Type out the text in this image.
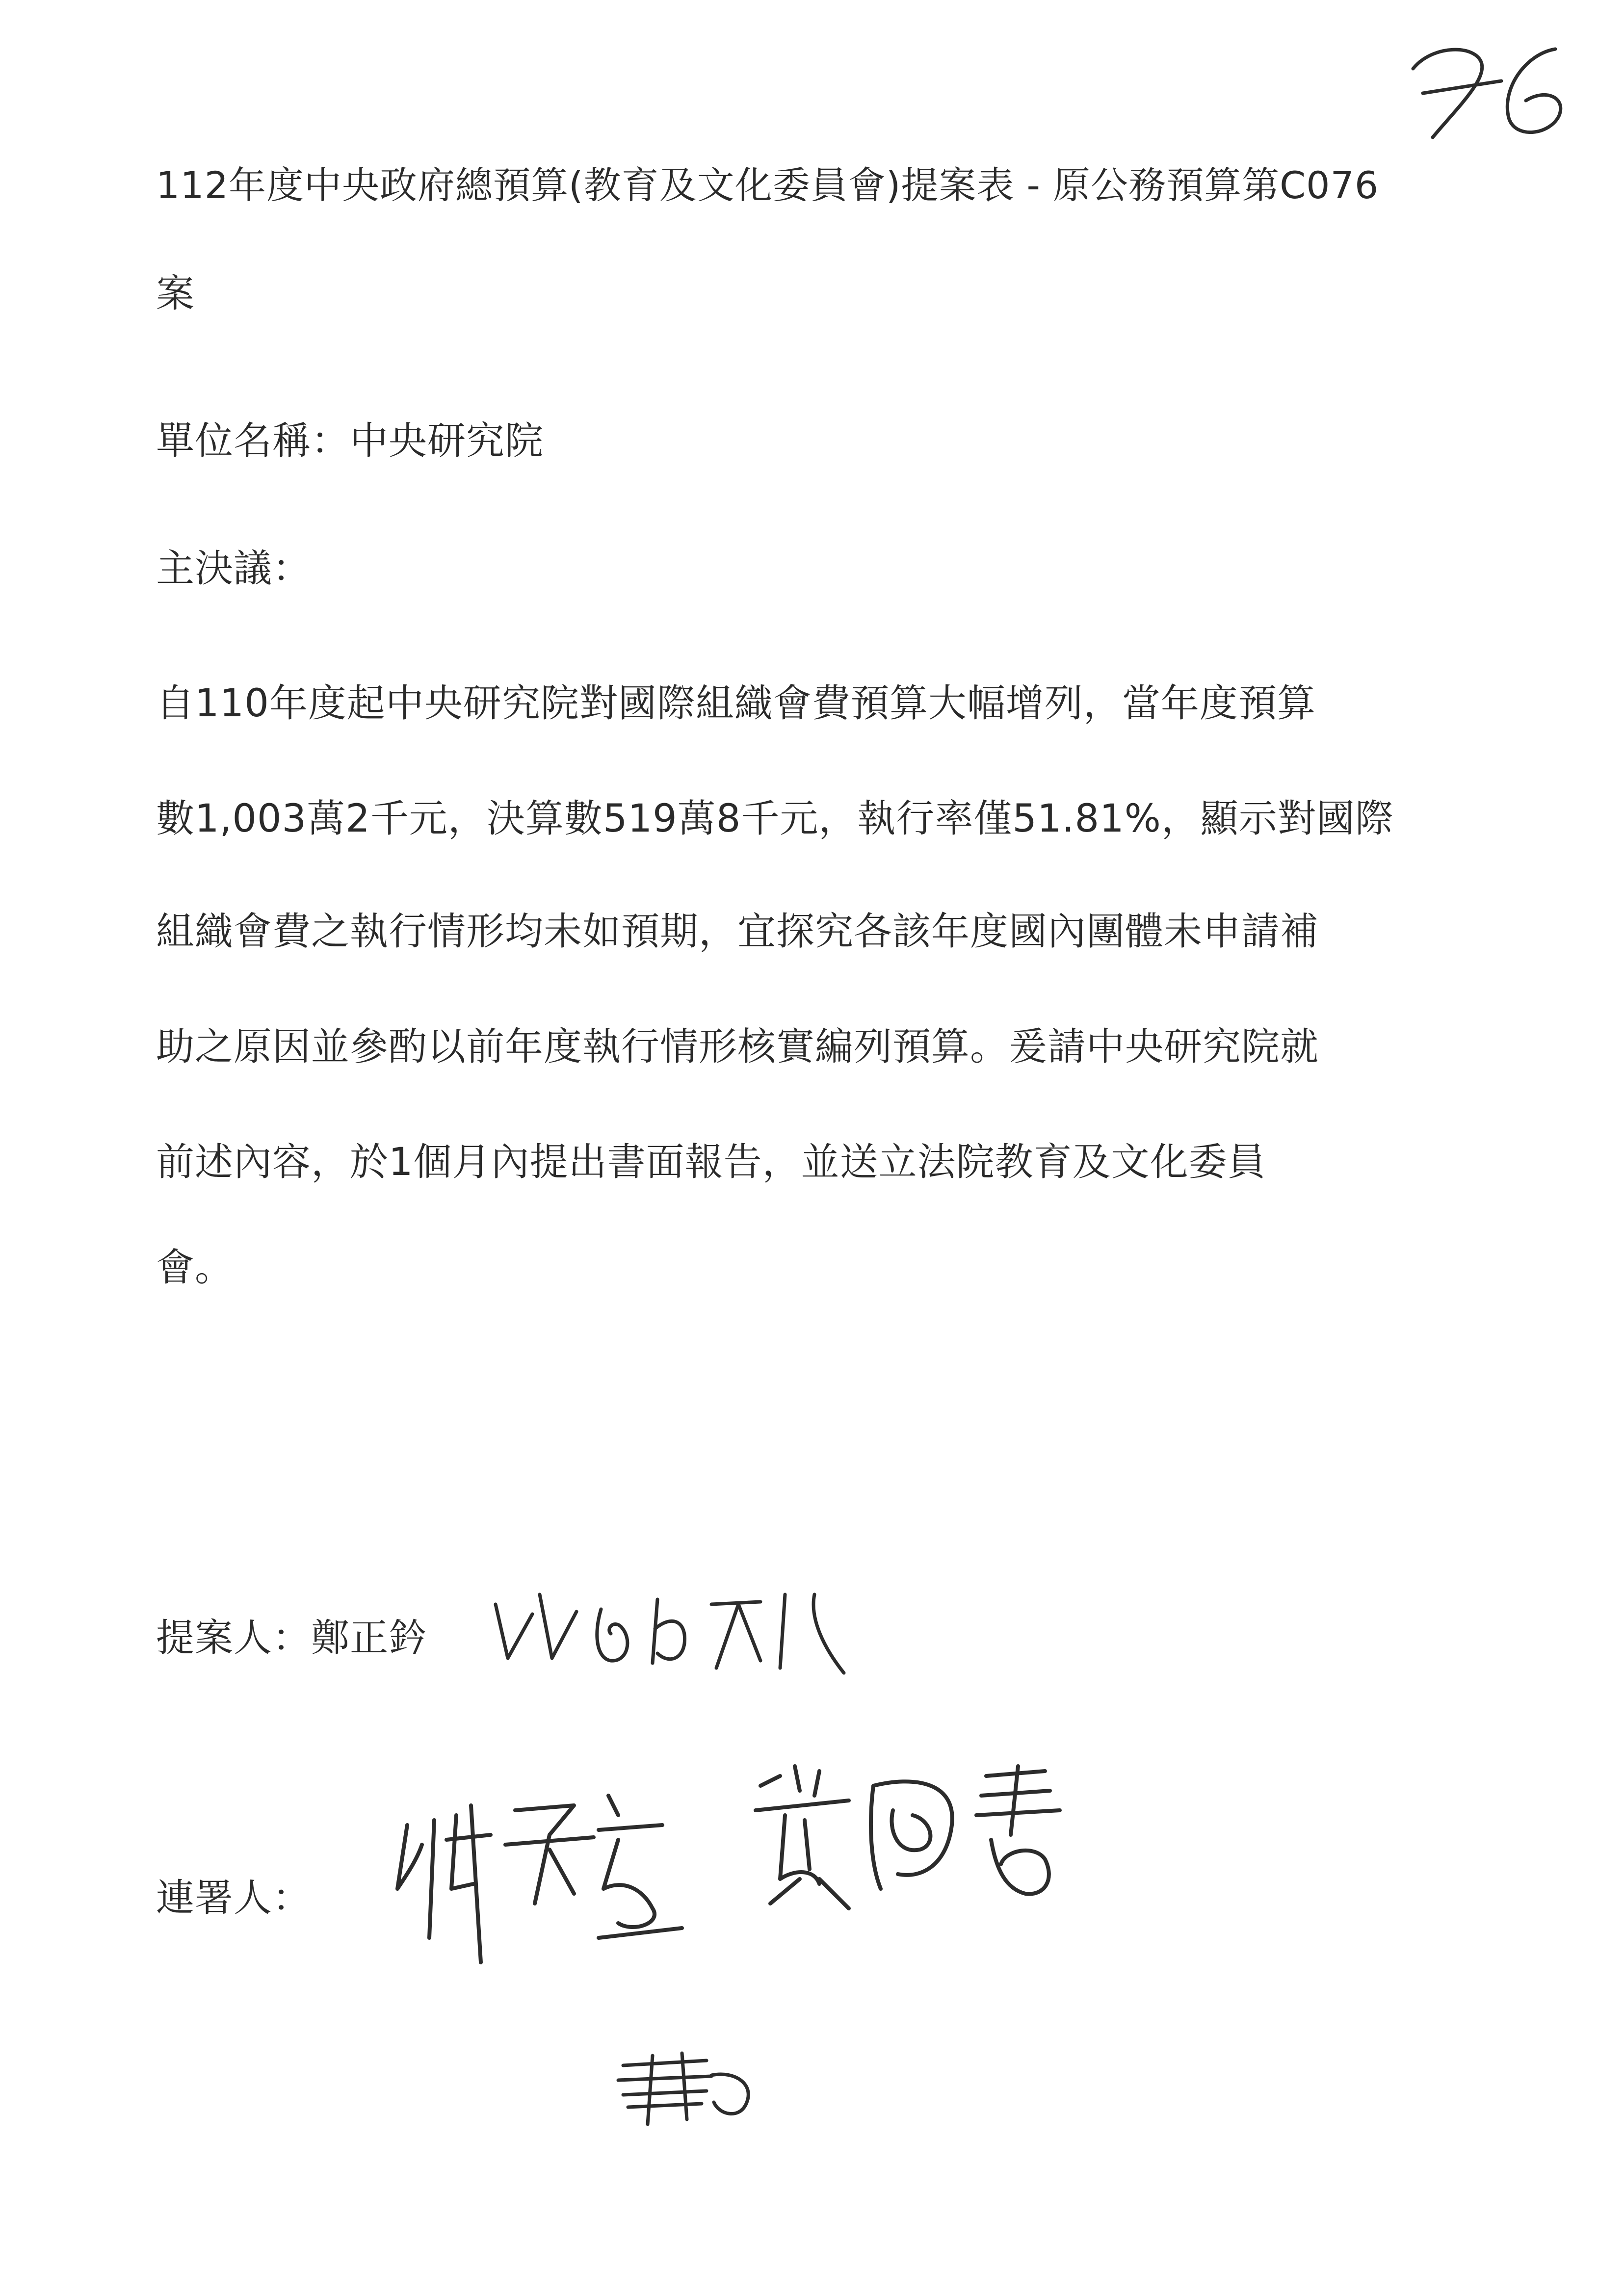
112年度中央政府總預算(教育及文化委員會)提案表 - 原公務預算第C076

案

單位名稱：中央研究院

主決議：

自110年度起中央研究院對國際組織會費預算大幅增列，當年度預算

數1,003萬2千元，決算數519萬8千元，執行率僅51.81%，顯示對國際

組織會費之執行情形均未如預期，宜探究各該年度國內團體未申請補

助之原因並參酌以前年度執行情形核實編列預算。爰請中央研究院就

前述內容，於1個月內提出書面報告，並送立法院教育及文化委員

會。

提案人：鄭正鈐

連署人：
